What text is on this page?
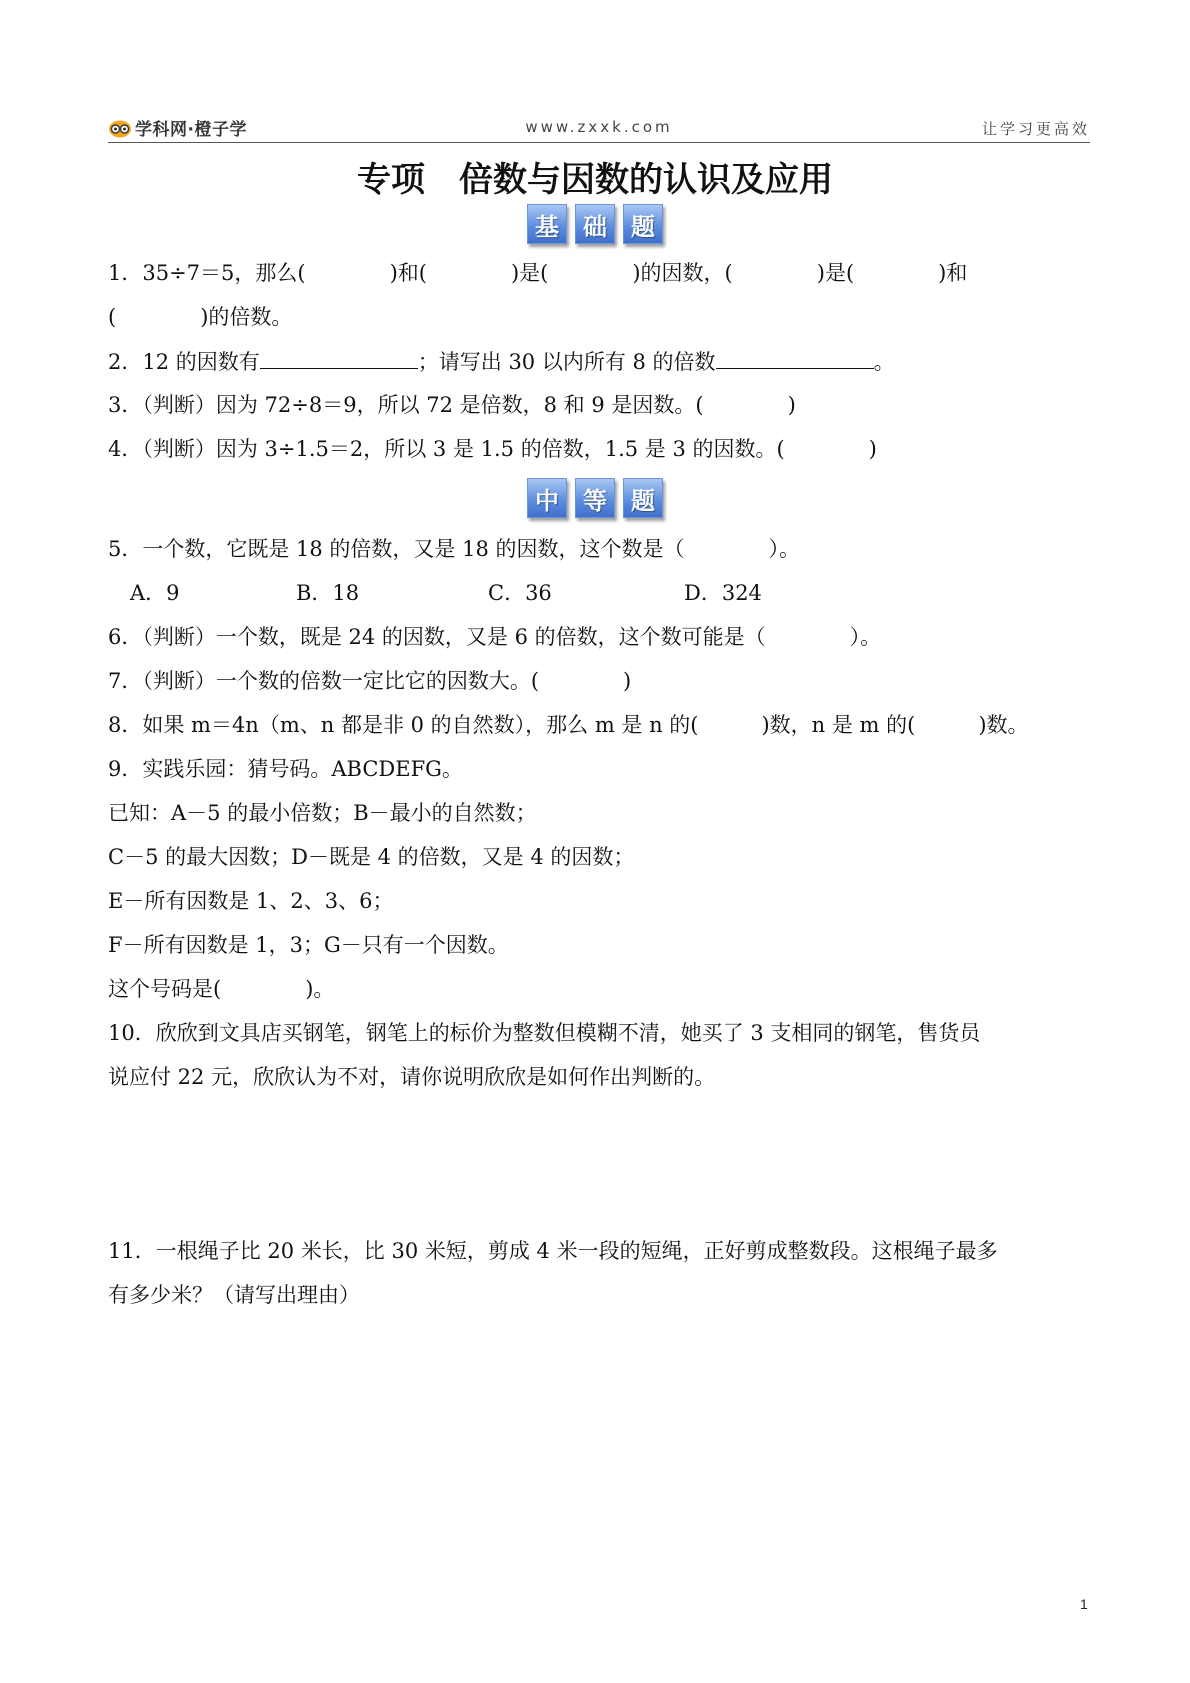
学科网·橙子学	www.zxxk.com	让学习更高效
专项　倍数与因数的认识及应用
基	础	题
1．35÷7＝5，那么(　　　　)和(　　　　)是(　　　　)的因数，(　　　　)是(　　　　)和
(　　　　)的倍数。
2．12 的因数有	；请写出 30 以内所有 8 的倍数	。
3．（判断）因为 72÷8＝9，所以 72 是倍数，8 和 9 是因数。(　　　　)
4．（判断）因为 3÷1.5＝2，所以 3 是 1.5 的倍数，1.5 是 3 的因数。(　　　　)
中	等	题
5．一个数，它既是 18 的倍数，又是 18 的因数，这个数是（　　　　）。
A．9	B．18	C．36	D．324
6．（判断）一个数，既是 24 的因数，又是 6 的倍数，这个数可能是（　　　　）。
7．（判断）一个数的倍数一定比它的因数大。(　　　　)
8．如果 m＝4n（m、n 都是非 0 的自然数），那么 m 是 n 的(　　　)数，n 是 m 的(　　　)数。
9．实践乐园：猜号码。ABCDEFG。
已知：A－5 的最小倍数；B－最小的自然数；
C－5 的最大因数；D－既是 4 的倍数，又是 4 的因数；
E－所有因数是 1、2、3、6；
F－所有因数是 1，3；G－只有一个因数。
这个号码是(　　　　)。
10．欣欣到文具店买钢笔，钢笔上的标价为整数但模糊不清，她买了 3 支相同的钢笔，售货员
说应付 22 元，欣欣认为不对，请你说明欣欣是如何作出判断的。
11．一根绳子比 20 米长，比 30 米短，剪成 4 米一段的短绳，正好剪成整数段。这根绳子最多
有多少米？（请写出理由）
1
